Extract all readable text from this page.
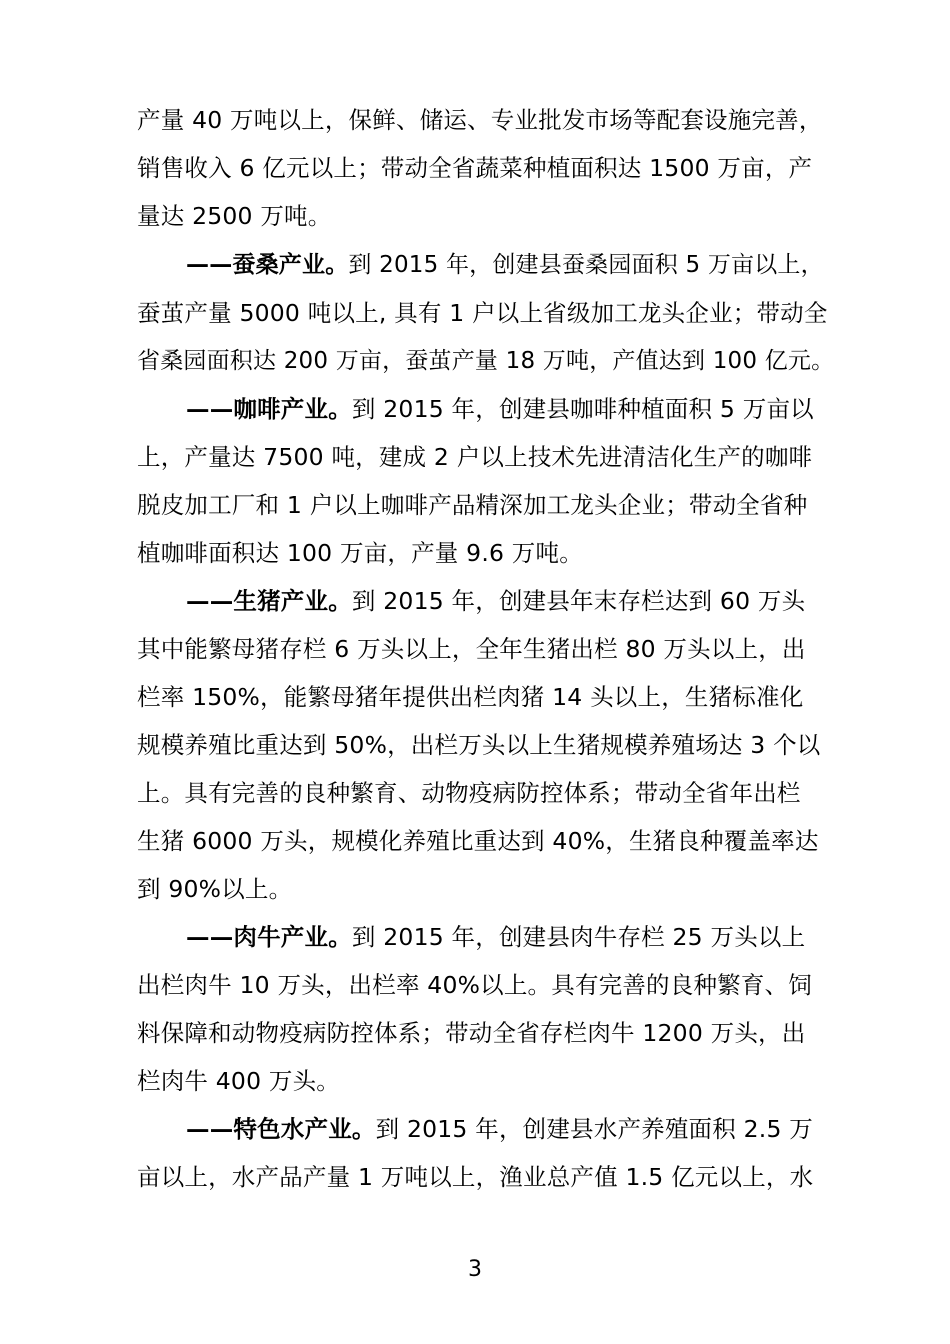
产量 40 万吨以上，保鲜、储运、专业批发市场等配套设施完善，
销售收入 6 亿元以上；带动全省蔬菜种植面积达 1500 万亩，产
量达 2500 万吨。
——蚕桑产业。到 2015 年，创建县蚕桑园面积 5 万亩以上，
蚕茧产量 5000 吨以上, 具有 1 户以上省级加工龙头企业；带动全
省桑园面积达 200 万亩，蚕茧产量 18 万吨，产值达到 100 亿元。
——咖啡产业。到 2015 年，创建县咖啡种植面积 5 万亩以
上，产量达 7500 吨，建成 2 户以上技术先进清洁化生产的咖啡
脱皮加工厂和 1 户以上咖啡产品精深加工龙头企业；带动全省种
植咖啡面积达 100 万亩，产量 9.6 万吨。
——生猪产业。到 2015 年，创建县年末存栏达到 60 万头
其中能繁母猪存栏 6 万头以上，全年生猪出栏 80 万头以上，出
栏率 150%，能繁母猪年提供出栏肉猪 14 头以上，生猪标准化
规模养殖比重达到 50%，出栏万头以上生猪规模养殖场达 3 个以
上。具有完善的良种繁育、动物疫病防控体系；带动全省年出栏
生猪 6000 万头，规模化养殖比重达到 40%，生猪良种覆盖率达
到 90%以上。
——肉牛产业。到 2015 年，创建县肉牛存栏 25 万头以上
出栏肉牛 10 万头，出栏率 40%以上。具有完善的良种繁育、饲
料保障和动物疫病防控体系；带动全省存栏肉牛 1200 万头，出
栏肉牛 400 万头。
——特色水产业。到 2015 年，创建县水产养殖面积 2.5 万
亩以上，水产品产量 1 万吨以上，渔业总产值 1.5 亿元以上，水
3
